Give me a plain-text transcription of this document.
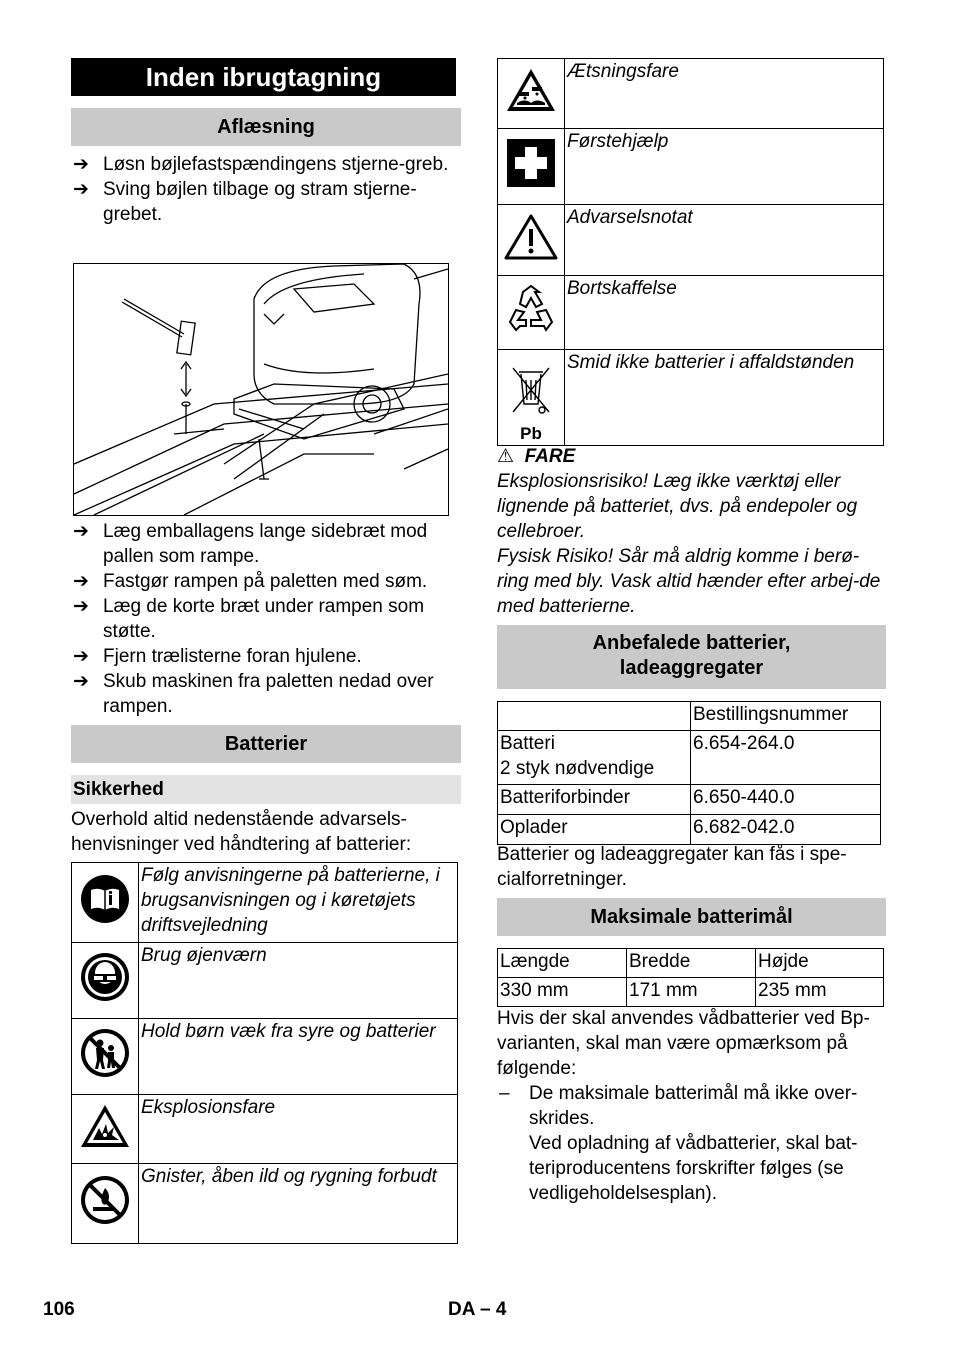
Inden ibrugtagning
Aflæsning
➔ Løsn bøjlefastspændingens stjerne-greb.
➔ Sving bøjlen tilbage og stram stjerne-grebet.
➔ Læg emballagens lange sidebræt mod pallen som rampe.
➔ Fastgør rampen på paletten med søm.
➔ Læg de korte bræt under rampen som støtte.
➔ Fjern trælisterne foran hjulene.
➔ Skub maskinen fra paletten nedad over rampen.
Batterier
Sikkerhed
Overhold altid nedenstående advarsels-henvisninger ved håndtering af batterier:
	Følg anvisningerne på batterierne, i brugsanvisningen og i køretøjets driftsvejledning
	Brug øjenværn
	Hold børn væk fra syre og batterier
	Eksplosionsfare
	Gnister, åben ild og rygning forbudt
	Ætsningsfare
	Førstehjælp
	Advarselsnotat
	Bortskaffelse

Pb	Smid ikke batterier i affaldstønden
⚠ FARE
Eksplosionsrisiko! Læg ikke værktøj eller lignende på batteriet, dvs. på endepoler og cellebroer.
Fysisk Risiko! Sår må aldrig komme i berø-ring med bly. Vask altid hænder efter arbej-de med batterierne.
Anbefalede batterier,
ladeaggregater
	Bestillingsnummer

Batteri
2 styk nødvendige	6.654-264.0
Batteriforbinder	6.650-440.0
Oplader	6.682-042.0
Batterier og ladeaggregater kan fås i spe-cialforretninger.
Maksimale batterimål
Længde	Bredde	Højde
330 mm	171 mm	235 mm
Hvis der skal anvendes vådbatterier ved Bp-varianten, skal man være opmærksom på følgende:
– De maksimale batterimål må ikke over-skrides.
Ved opladning af vådbatterier, skal bat-teriproducentens forskrifter følges (se vedligeholdelsesplan).
106	DA – 4
